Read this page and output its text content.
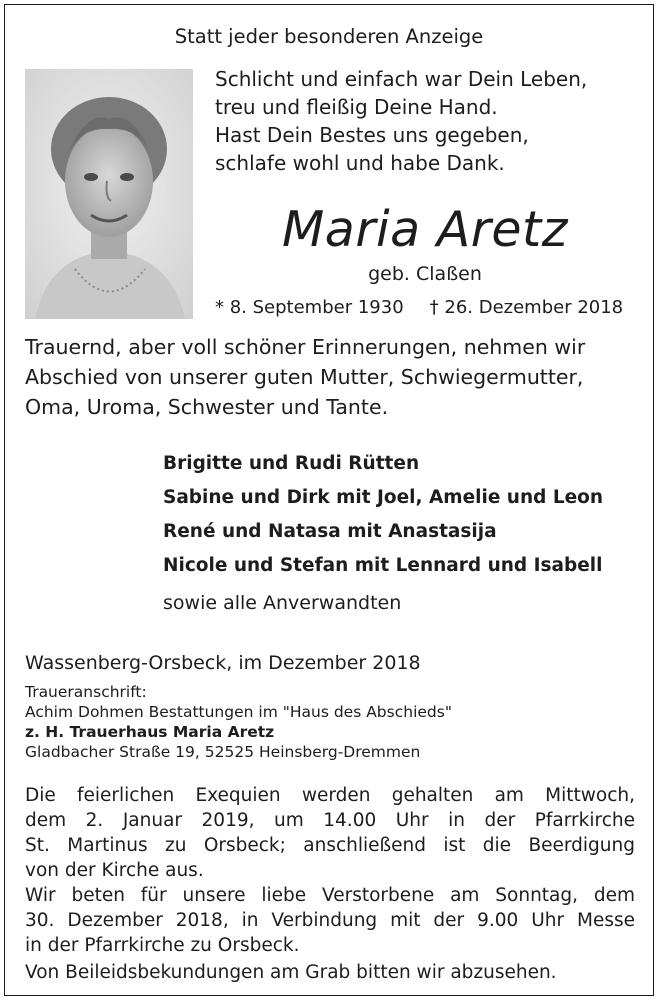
Statt jeder besonderen Anzeige
Schlicht und einfach war Dein Leben,
treu und fleißig Deine Hand.
Hast Dein Bestes uns gegeben,
schlafe wohl und habe Dank.
Maria Aretz
geb. Claßen
* 8. September 1930 † 26. Dezember 2018
Trauernd, aber voll schöner Erinnerungen, nehmen wir
Abschied von unserer guten Mutter, Schwiegermutter,
Oma, Uroma, Schwester und Tante.
Brigitte und Rudi Rütten
Sabine und Dirk mit Joel, Amelie und Leon
René und Natasa mit Anastasija
Nicole und Stefan mit Lennard und Isabell
sowie alle Anverwandten
Wassenberg-Orsbeck, im Dezember 2018
Traueranschrift:
Achim Dohmen Bestattungen im "Haus des Abschieds"
z. H. Trauerhaus Maria Aretz
Gladbacher Straße 19, 52525 Heinsberg-Dremmen
Die feierlichen Exequien werden gehalten am Mittwoch,
dem 2. Januar 2019, um 14.00 Uhr in der Pfarrkirche
St. Martinus zu Orsbeck; anschließend ist die Beerdigung
von der Kirche aus.
Wir beten für unsere liebe Verstorbene am Sonntag, dem
30. Dezember 2018, in Verbindung mit der 9.00 Uhr Messe
in der Pfarrkirche zu Orsbeck.
Von Beileidsbekundungen am Grab bitten wir abzusehen.
